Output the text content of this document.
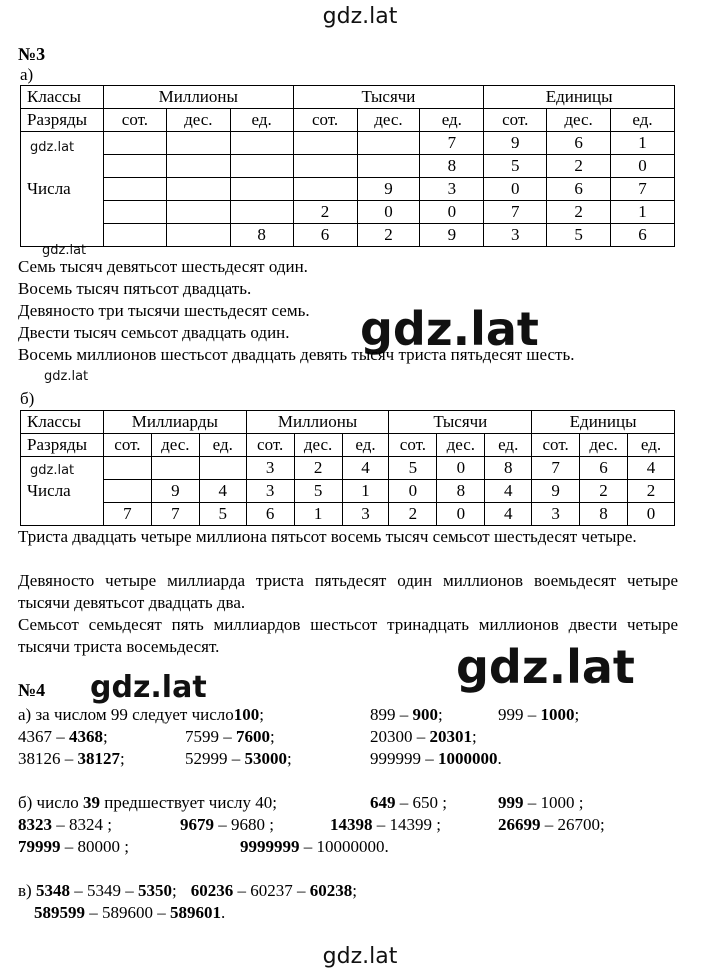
gdz.lat
gdz.lat
gdz.lat
gdz.lat
gdz.lat
gdz.lat
gdz.lat
gdz.lat
gdz.lat
№3
а)
Классы	Миллионы			Тысячи			Единицы		
Разряды	сот.	дес.	ед.	сот.	дес.	ед.	сот.	дес.	ед.
Числа						7	9	6	1
						8	5	2	0
					9	3	0	6	7
				2	0	0	7	2	1
			8	6	2	9	3	5	6
Семь тысяч девятьсот шестьдесят один.
Восемь тысяч пятьсот двадцать.
Девяносто три тысячи шестьдесят семь.
Двести тысяч семьсот двадцать один.
Восемь миллионов шестьсот двадцать девять тысяч триста пятьдесят шесть.
б)
Классы	Миллиарды			Миллионы			Тысячи			Единицы		
Разряды	сот.	дес.	ед.	сот.	дес.	ед.	сот.	дес.	ед.	сот.	дес.	ед.
Числа				3	2	4	5	0	8	7	6	4
		9	4	3	5	1	0	8	4	9	2	2
	7	7	5	6	1	3	2	0	4	3	8	0
Триста двадцать четыре миллиона пятьсот восемь тысяч семьсот шестьдесят четыре.
Девяносто четыре миллиарда триста пятьдесят один миллионов воемьдесят четыре тысячи девятьсот двадцать два.
Семьсот семьдесят пять миллиардов шестьсот тринадцать миллионов двести четыре тысячи триста восемьдесят.
№4
а) за числом 99 следует число100;	899 – 900;	999 – 1000;
4367 – 4368;	7599 – 7600;	20300 – 20301;
38126 – 38127;	52999 – 53000;	999999 – 1000000.
б) число 39 предшествует числу 40;	649 – 650 ;	999 – 1000 ;
8323 – 8324 ;	9679 – 9680 ;	14398 – 14399 ;	26699 – 26700;
79999 – 80000 ;	9999999 – 10000000.
в) 5348 – 5349 – 5350; 60236 – 60237 – 60238;
589599 – 589600 – 589601.
